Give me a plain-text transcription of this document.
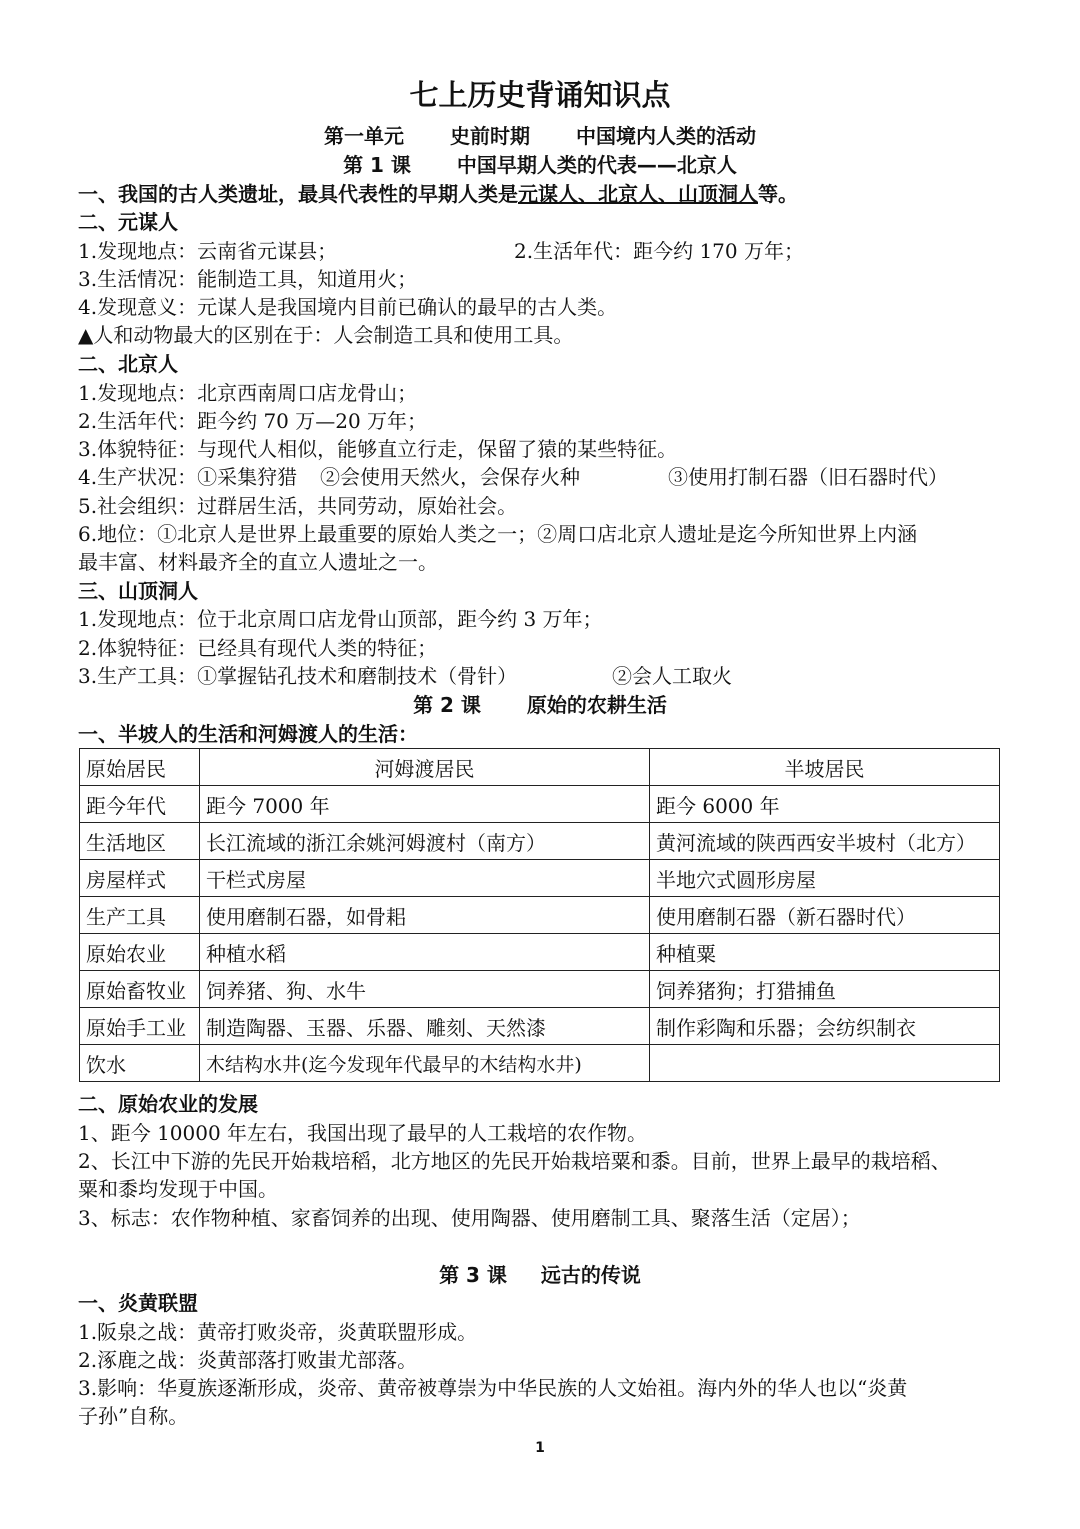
七上历史背诵知识点
第一单元 史前时期 中国境内人类的活动
第 1 课 中国早期人类的代表——北京人
一、我国的古人类遗址，最具代表性的早期人类是元谋人、北京人、山顶洞人等。
二、元谋人
1.发现地点：云南省元谋县；	2.生活年代：距今约 170 万年；
3.生活情况：能制造工具，知道用火；
4.发现意义：元谋人是我国境内目前已确认的最早的古人类。
▲人和动物最大的区别在于：人会制造工具和使用工具。
二、北京人
1.发现地点：北京西南周口店龙骨山；
2.生活年代：距今约 70 万—20 万年；
3.体貌特征：与现代人相似，能够直立行走，保留了猿的某些特征。
4.生产状况：①采集狩猎 ②会使用天然火，会保存火种	③使用打制石器（旧石器时代）
5.社会组织：过群居生活，共同劳动，原始社会。
6.地位：①北京人是世界上最重要的原始人类之一；②周口店北京人遗址是迄今所知世界上内涵
最丰富、材料最齐全的直立人遗址之一。
三、山顶洞人
1.发现地点：位于北京周口店龙骨山顶部，距今约 3 万年；
2.体貌特征：已经具有现代人类的特征；
3.生产工具：①掌握钻孔技术和磨制技术（骨针）	②会人工取火
第 2 课 原始的农耕生活
一、半坡人的生活和河姆渡人的生活：
原始居民	河姆渡居民	半坡居民
距今年代	距今 7000 年	距今 6000 年
生活地区	长江流域的浙江余姚河姆渡村（南方）	黄河流域的陕西西安半坡村（北方）
房屋样式	干栏式房屋	半地穴式圆形房屋
生产工具	使用磨制石器，如骨耜	使用磨制石器（新石器时代）
原始农业	种植水稻	种植粟
原始畜牧业	饲养猪、狗、水牛	饲养猪狗；打猎捕鱼
原始手工业	制造陶器、玉器、乐器、雕刻、天然漆	制作彩陶和乐器；会纺织制衣
饮水	木结构水井(迄今发现年代最早的木结构水井)	
二、原始农业的发展
1、距今 10000 年左右，我国出现了最早的人工栽培的农作物。
2、长江中下游的先民开始栽培稻，北方地区的先民开始栽培粟和黍。目前，世界上最早的栽培稻、
粟和黍均发现于中国。
3、标志：农作物种植、家畜饲养的出现、使用陶器、使用磨制工具、聚落生活（定居）；
第 3 课 远古的传说
一、炎黄联盟
1.阪泉之战：黄帝打败炎帝，炎黄联盟形成。
2.涿鹿之战：炎黄部落打败蚩尤部落。
3.影响：华夏族逐渐形成，炎帝、黄帝被尊崇为中华民族的人文始祖。海内外的华人也以“炎黄
子孙”自称。
1
